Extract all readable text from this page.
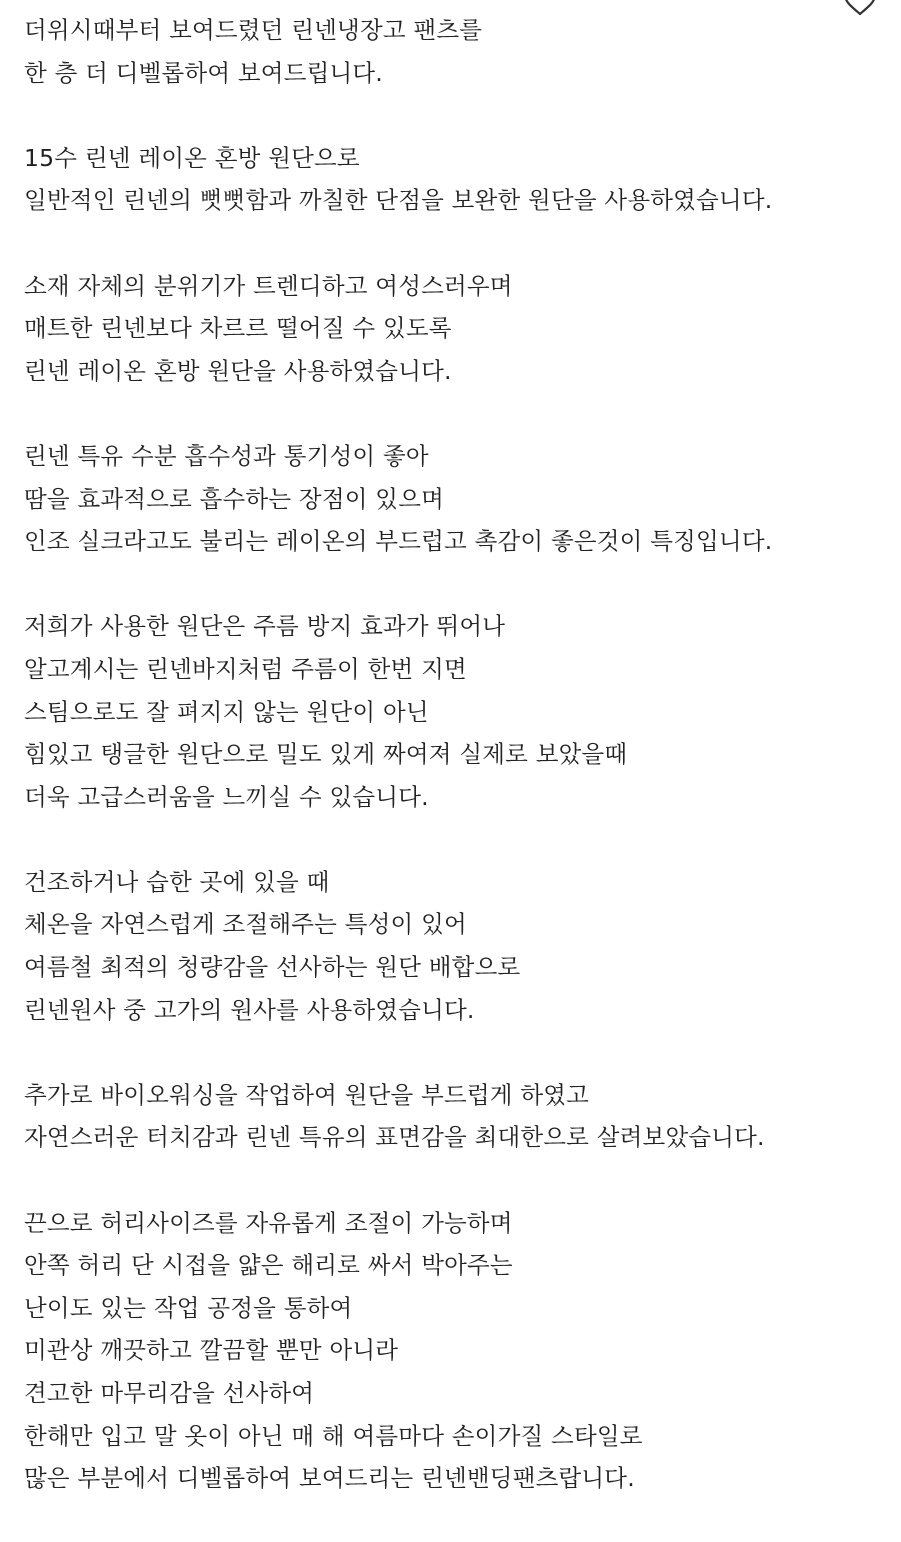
더위시때부터 보여드렸던 린넨냉장고 팬츠를
한 층 더 디벨롭하여 보여드립니다.

15수 린넨 레이온 혼방 원단으로
일반적인 린넨의 뻣뻣함과 까칠한 단점을 보완한 원단을 사용하였습니다.

소재 자체의 분위기가 트렌디하고 여성스러우며
매트한 린넨보다 차르르 떨어질 수 있도록
린넨 레이온 혼방 원단을 사용하였습니다.

린넨 특유 수분 흡수성과 통기성이 좋아
땀을 효과적으로 흡수하는 장점이 있으며
인조 실크라고도 불리는 레이온의 부드럽고 촉감이 좋은것이 특징입니다.

저희가 사용한 원단은 주름 방지 효과가 뛰어나
알고계시는 린넨바지처럼 주름이 한번 지면
스팀으로도 잘 펴지지 않는 원단이 아닌
힘있고 탱글한 원단으로 밀도 있게 짜여져 실제로 보았을때
더욱 고급스러움을 느끼실 수 있습니다.

건조하거나 습한 곳에 있을 때
체온을 자연스럽게 조절해주는 특성이 있어
여름철 최적의 청량감을 선사하는 원단 배합으로
린넨원사 중 고가의 원사를 사용하였습니다.

추가로 바이오워싱을 작업하여 원단을 부드럽게 하였고
자연스러운 터치감과 린넨 특유의 표면감을 최대한으로 살려보았습니다.

끈으로 허리사이즈를 자유롭게 조절이 가능하며
안쪽 허리 단 시접을 얇은 해리로 싸서 박아주는
난이도 있는 작업 공정을 통하여
미관상 깨끗하고 깔끔할 뿐만 아니라
견고한 마무리감을 선사하여
한해만 입고 말 옷이 아닌 매 해 여름마다 손이가질 스타일로
많은 부분에서 디벨롭하여 보여드리는 린넨밴딩팬츠랍니다.
